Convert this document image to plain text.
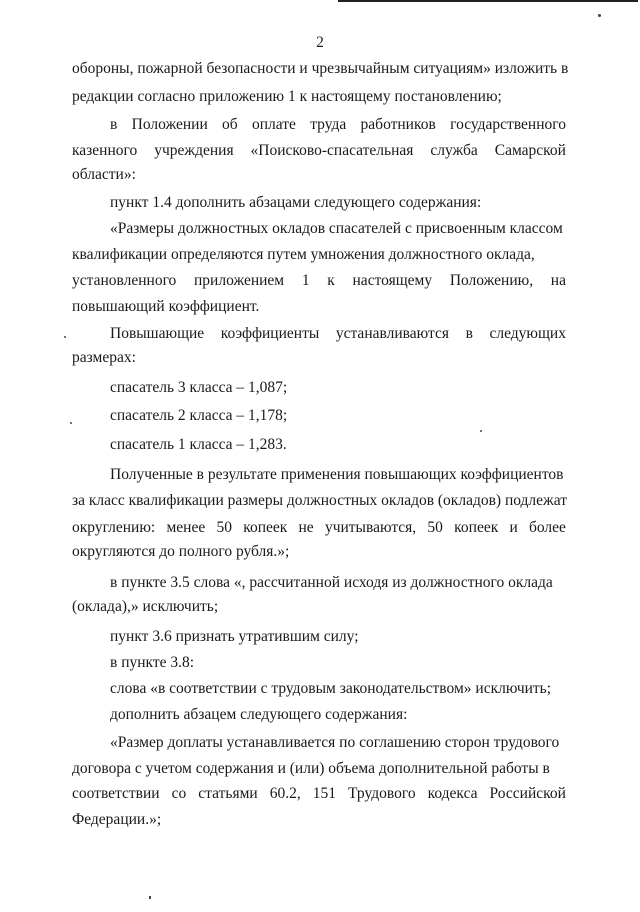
2
обороны, пожарной безопасности и чрезвычайным ситуациям» изложить в
редакции согласно приложению 1 к настоящему постановлению;
в Положении об оплате труда работников государственного
казенного учреждения «Поисково-спасательная служба Самарской
области»:
пункт 1.4 дополнить абзацами следующего содержания:
«Размеры должностных окладов спасателей с присвоенным классом
квалификации определяются путем умножения должностного оклада,
установленного приложением 1 к настоящему Положению, на
повышающий коэффициент.
Повышающие коэффициенты устанавливаются в следующих
размерах:
спасатель 3 класса – 1,087;
спасатель 2 класса – 1,178;
спасатель 1 класса – 1,283.
Полученные в результате применения повышающих коэффициентов
за класс квалификации размеры должностных окладов (окладов) подлежат
округлению: менее 50 копеек не учитываются, 50 копеек и более
округляются до полного рубля.»;
в пункте 3.5 слова «, рассчитанной исходя из должностного оклада
(оклада),» исключить;
пункт 3.6 признать утратившим силу;
в пункте 3.8:
слова «в соответствии с трудовым законодательством» исключить;
дополнить абзацем следующего содержания:
«Размер доплаты устанавливается по соглашению сторон трудового
договора с учетом содержания и (или) объема дополнительной работы в
соответствии со статьями 60.2, 151 Трудового кодекса Российской
Федерации.»;
